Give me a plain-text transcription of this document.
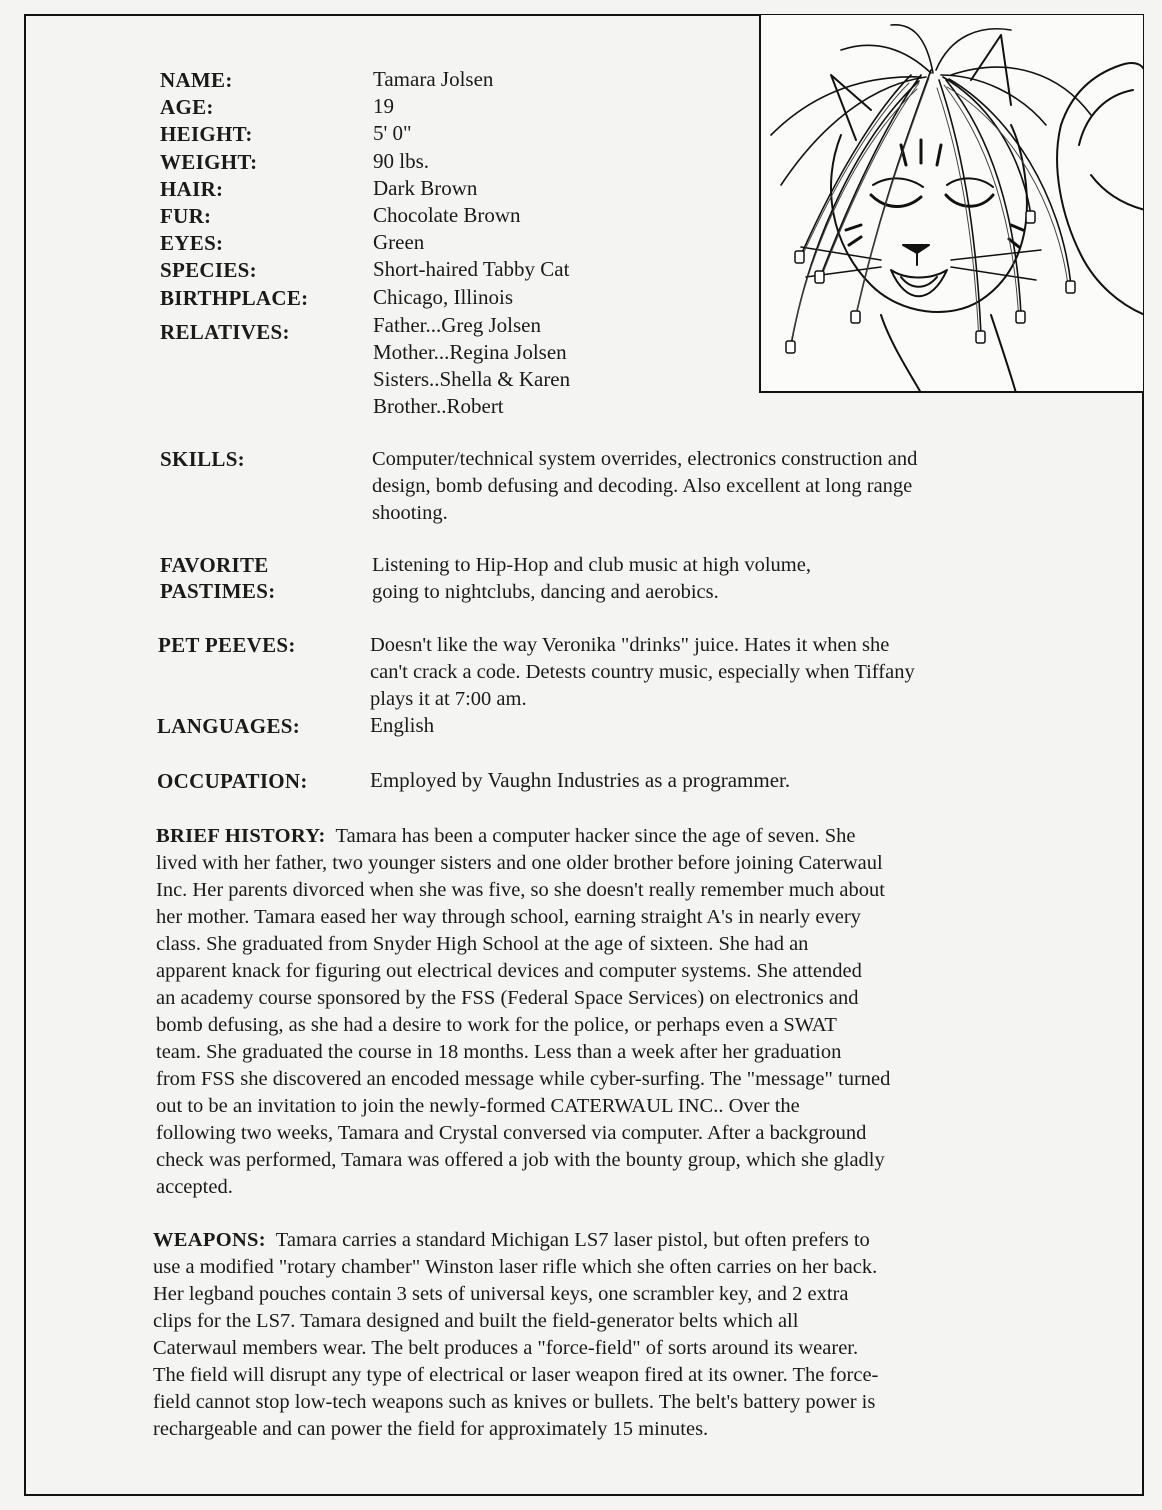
NAME:	Tamara Jolsen
AGE:	19
HEIGHT:	5' 0"
WEIGHT:	90 lbs.
HAIR:	Dark Brown
FUR:	Chocolate Brown
EYES:	Green
SPECIES:	Short-haired Tabby Cat
BIRTHPLACE:	Chicago, Illinois
RELATIVES:	Father...Greg Jolsen
Mother...Regina Jolsen
Sisters..Shella & Karen
Brother..Robert
SKILLS:	Computer/technical system overrides, electronics construction and
design, bomb defusing and decoding. Also excellent at long range
shooting.
FAVORITE
PASTIMES:
Listening to Hip-Hop and club music at high volume,
going to nightclubs, dancing and aerobics.
PET PEEVES:	Doesn't like the way Veronika "drinks" juice. Hates it when she
can't crack a code. Detests country music, especially when Tiffany
plays it at 7:00 am.
LANGUAGES:	English
OCCUPATION:	Employed by Vaughn Industries as a programmer.
BRIEF HISTORY: Tamara has been a computer hacker since the age of seven. She
lived with her father, two younger sisters and one older brother before joining Caterwaul
Inc. Her parents divorced when she was five, so she doesn't really remember much about
her mother. Tamara eased her way through school, earning straight A's in nearly every
class. She graduated from Snyder High School at the age of sixteen. She had an
apparent knack for figuring out electrical devices and computer systems. She attended
an academy course sponsored by the FSS (Federal Space Services) on electronics and
bomb defusing, as she had a desire to work for the police, or perhaps even a SWAT
team. She graduated the course in 18 months. Less than a week after her graduation
from FSS she discovered an encoded message while cyber-surfing. The "message" turned
out to be an invitation to join the newly-formed CATERWAUL INC.. Over the
following two weeks, Tamara and Crystal conversed via computer. After a background
check was performed, Tamara was offered a job with the bounty group, which she gladly
accepted.
WEAPONS: Tamara carries a standard Michigan LS7 laser pistol, but often prefers to
use a modified "rotary chamber" Winston laser rifle which she often carries on her back.
Her legband pouches contain 3 sets of universal keys, one scrambler key, and 2 extra
clips for the LS7. Tamara designed and built the field-generator belts which all
Caterwaul members wear. The belt produces a "force-field" of sorts around its wearer.
The field will disrupt any type of electrical or laser weapon fired at its owner. The force-
field cannot stop low-tech weapons such as knives or bullets. The belt's battery power is
rechargeable and can power the field for approximately 15 minutes.
